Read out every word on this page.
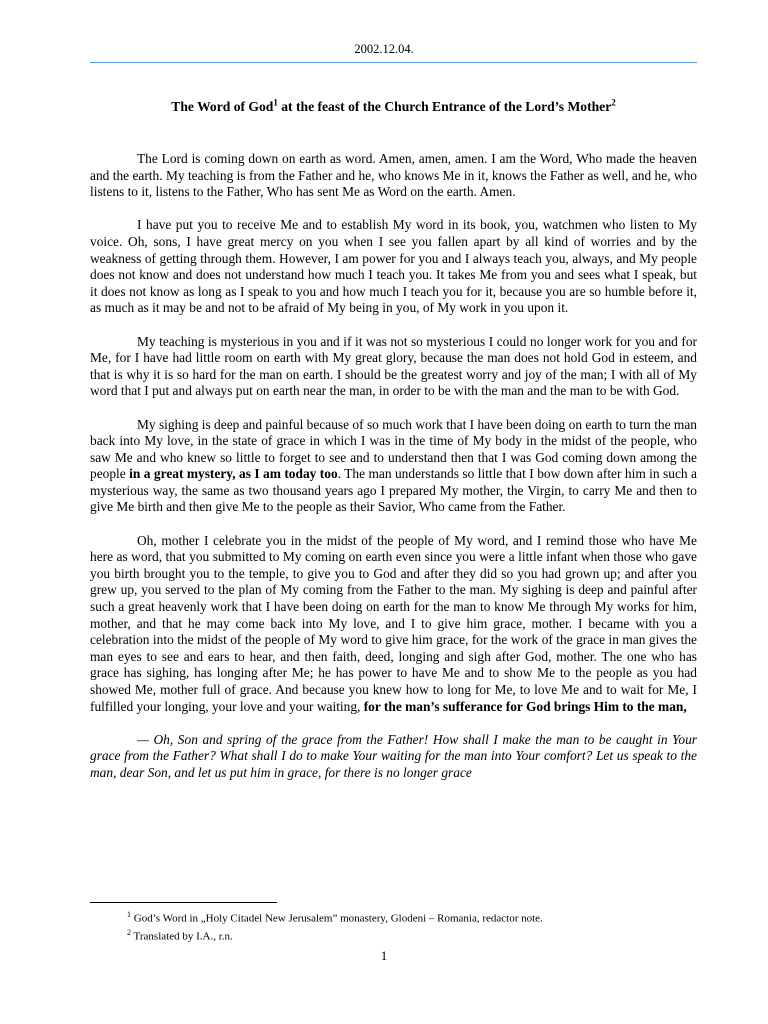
2002.12.04.
The Word of God$^1$ at the feast of the Church Entrance of the Lord’s Mother$^2$

The Lord is coming down on earth as word. Amen, amen, amen. I am the Word, Who made the heaven and the earth. My teaching is from the Father and he, who knows Me in it, knows the Father as well, and he, who listens to it, listens to the Father, Who has sent Me as Word on the earth. Amen.

I have put you to receive Me and to establish My word in its book, you, watchmen who listen to My voice. Oh, sons, I have great mercy on you when I see you fallen apart by all kind of worries and by the weakness of getting through them. However, I am power for you and I always teach you, always, and My people does not know and does not understand how much I teach you. It takes Me from you and sees what I speak, but it does not know as long as I speak to you and how much I teach you for it, because you are so humble before it, as much as it may be and not to be afraid of My being in you, of My work in you upon it.

My teaching is mysterious in you and if it was not so mysterious I could no longer work for you and for Me, for I have had little room on earth with My great glory, because the man does not hold God in esteem, and that is why it is so hard for the man on earth. I should be the greatest worry and joy of the man; I with all of My word that I put and always put on earth near the man, in order to be with the man and the man to be with God.

My sighing is deep and painful because of so much work that I have been doing on earth to turn the man back into My love, in the state of grace in which I was in the time of My body in the midst of the people, who saw Me and who knew so little to forget to see and to understand then that I was God coming down among the people in a great mystery, as I am today too. The man understands so little that I bow down after him in such a mysterious way, the same as two thousand years ago I prepared My mother, the Virgin, to carry Me and then to give Me birth and then give Me to the people as their Savior, Who came from the Father.

Oh, mother I celebrate you in the midst of the people of My word, and I remind those who have Me here as word, that you submitted to My coming on earth even since you were a little infant when those who gave you birth brought you to the temple, to give you to God and after they did so you had grown up; and after you grew up, you served to the plan of My coming from the Father to the man. My sighing is deep and painful after such a great heavenly work that I have been doing on earth for the man to know Me through My works for him, mother, and that he may come back into My love, and I to give him grace, mother. I became with you a celebration into the midst of the people of My word to give him grace, for the work of the grace in man gives the man eyes to see and ears to hear, and then faith, deed, longing and sigh after God, mother. The one who has grace has sighing, has longing after Me; he has power to have Me and to show Me to the people as you had showed Me, mother full of grace. And because you knew how to long for Me, to love Me and to wait for Me, I fulfilled your longing, your love and your waiting, for the man’s sufferance for God brings Him to the man,

— Oh, Son and spring of the grace from the Father! How shall I make the man to be caught in Your grace from the Father? What shall I do to make Your waiting for the man into Your comfort? Let us speak to the man, dear Son, and let us put him in grace, for there is no longer grace

$^1$ God’s Word in „Holy Citadel New Jerusalem” monastery, Glodeni – Romania, redactor note.
$^2$ Translated by I.A., r.n.
1
